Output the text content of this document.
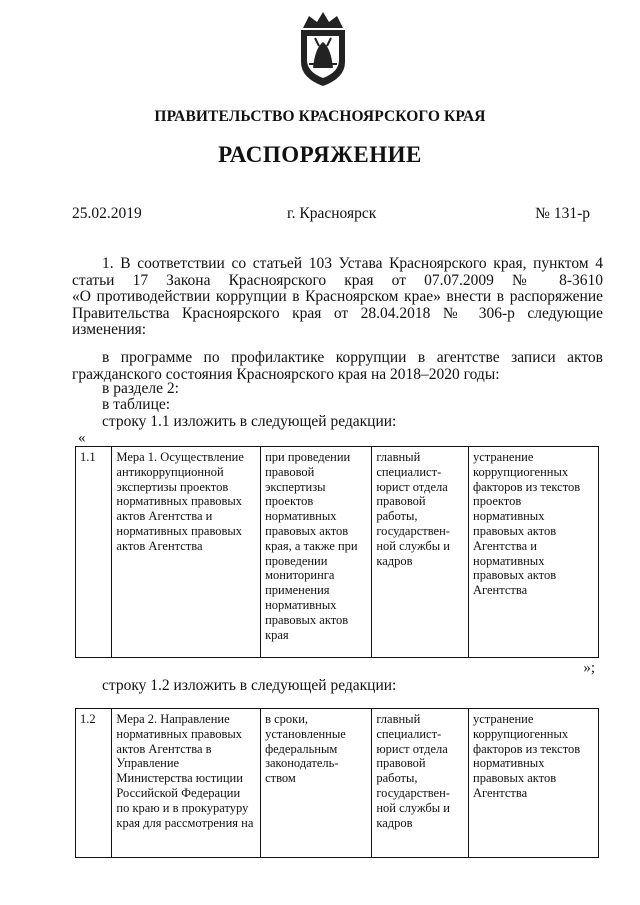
ПРАВИТЕЛЬСТВО КРАСНОЯРСКОГО КРАЯ
РАСПОРЯЖЕНИЕ
25.02.2019	г. Красноярск	№ 131-р

1. В соответствии со статьей 103 Устава Красноярского края, пунктом 4

статьи 17 Закона Красноярского края от 07.07.2009 № 8-3610

«О противодействии коррупции в Красноярском крае» внести в распоряжение

Правительства Красноярского края от 28.04.2018 № 306-р следующие

изменения:

в программе по профилактике коррупции в агентстве записи актов

гражданского состояния Красноярского края на 2018–2020 годы:

в разделе 2:

в таблице:

строку 1.1 изложить в следующей редакции:

«
1.1	Мера 1. Осуществление антикоррупционной экспертизы проектов нормативных правовых актов Агентства и нормативных правовых актов Агентства	при проведении правовой экспертизы проектов нормативных правовых актов края, а также при проведении мониторинга применения нормативных правовых актов края	главный специалист-юрист отдела правовой работы, государствен-ной службы и кадров	устранение коррупциогенных факторов из текстов проектов нормативных правовых актов Агентства и нормативных правовых актов Агентства
»;

строку 1.2 изложить в следующей редакции:

1.2	Мера 2. Направление нормативных правовых актов Агентства в Управление Министерства юстиции Российской Федерации по краю и в прокуратуру края для рассмотрения на	в сроки, установленные федеральным законодатель-ством	главный специалист-юрист отдела правовой работы, государствен-ной службы и кадров	устранение коррупциогенных факторов из текстов нормативных правовых актов Агентства
